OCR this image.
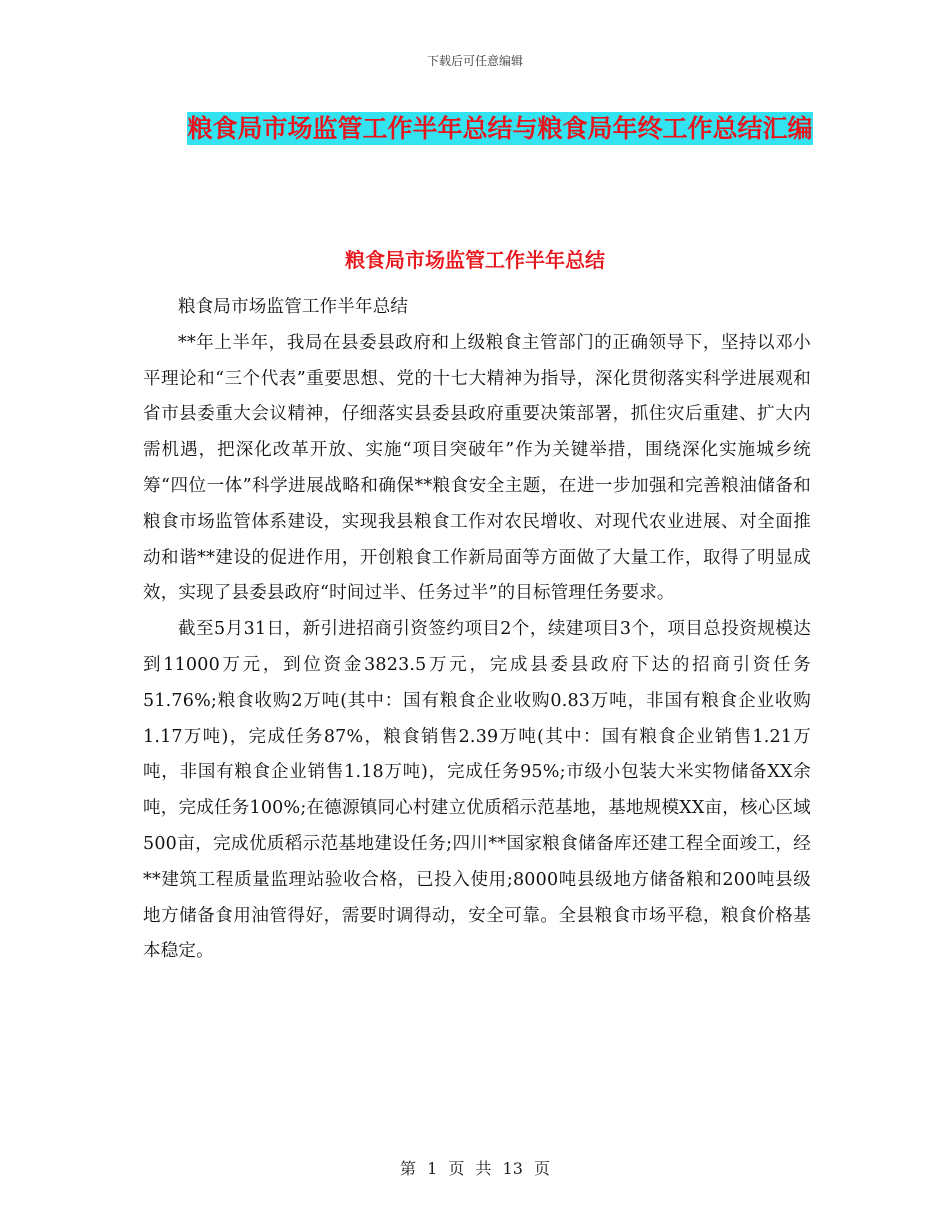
下载后可任意编辑
粮食局市场监管工作半年总结与粮食局年终工作总结汇编
粮食局市场监管工作半年总结

粮食局市场监管工作半年总结

**年上半年，我局在县委县政府和上级粮食主管部门的正确领导下，坚持以邓小平理论和“三个代表”重要思想、党的十七大精神为指导，深化贯彻落实科学进展观和省市县委重大会议精神，仔细落实县委县政府重要决策部署，抓住灾后重建、扩大内需机遇，把深化改革开放、实施“项目突破年”作为关键举措，围绕深化实施城乡统筹“四位一体”科学进展战略和确保**粮食安全主题，在进一步加强和完善粮油储备和粮食市场监管体系建设，实现我县粮食工作对农民增收、对现代农业进展、对全面推动和谐**建设的促进作用，开创粮食工作新局面等方面做了大量工作，取得了明显成效，实现了县委县政府“时间过半、任务过半”的目标管理任务要求。

截至5月31日，新引进招商引资签约项目2个，续建项目3个，项目总投资规模达到11000万元，到位资金3823.5万元，完成县委县政府下达的招商引资任务51.76%;粮食收购2万吨(其中：国有粮食企业收购0.83万吨，非国有粮食企业收购1.17万吨)，完成任务87%，粮食销售2.39万吨(其中：国有粮食企业销售1.21万吨，非国有粮食企业销售1.18万吨)，完成任务95%;市级小包装大米实物储备XX余吨，完成任务100%;在德源镇同心村建立优质稻示范基地，基地规模XX亩，核心区域500亩，完成优质稻示范基地建设任务;四川**国家粮食储备库还建工程全面竣工，经**建筑工程质量监理站验收合格，已投入使用;8000吨县级地方储备粮和200吨县级地方储备食用油管得好，需要时调得动，安全可靠。全县粮食市场平稳，粮食价格基本稳定。

第 1 页 共 13 页
